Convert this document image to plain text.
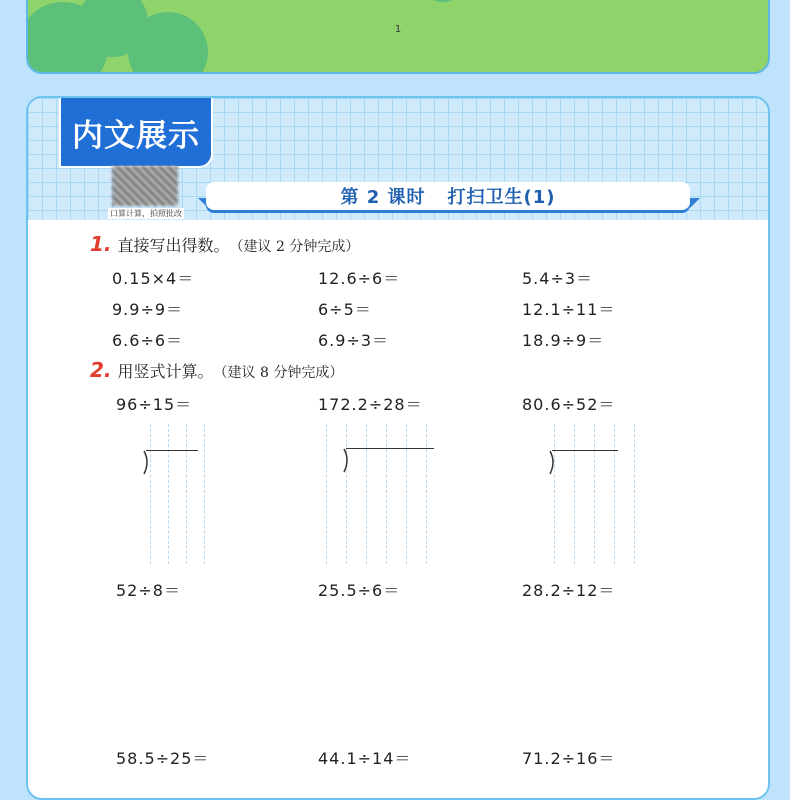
1
内文展示
口算计算，拍照批改
第 2 课时 打扫卫生(1)
1. 直接写出得数。 （建议 2 分钟完成）
0.15×4＝	12.6÷6＝	5.4÷3＝
9.9÷9＝	6÷5＝	12.1÷11＝
6.6÷6＝	6.9÷3＝	18.9÷9＝
2. 用竖式计算。 （建议 8 分钟完成）
96÷15＝	172.2÷28＝	80.6÷52＝
52÷8＝	25.5÷6＝	28.2÷12＝
58.5÷25＝	44.1÷14＝	71.2÷16＝
